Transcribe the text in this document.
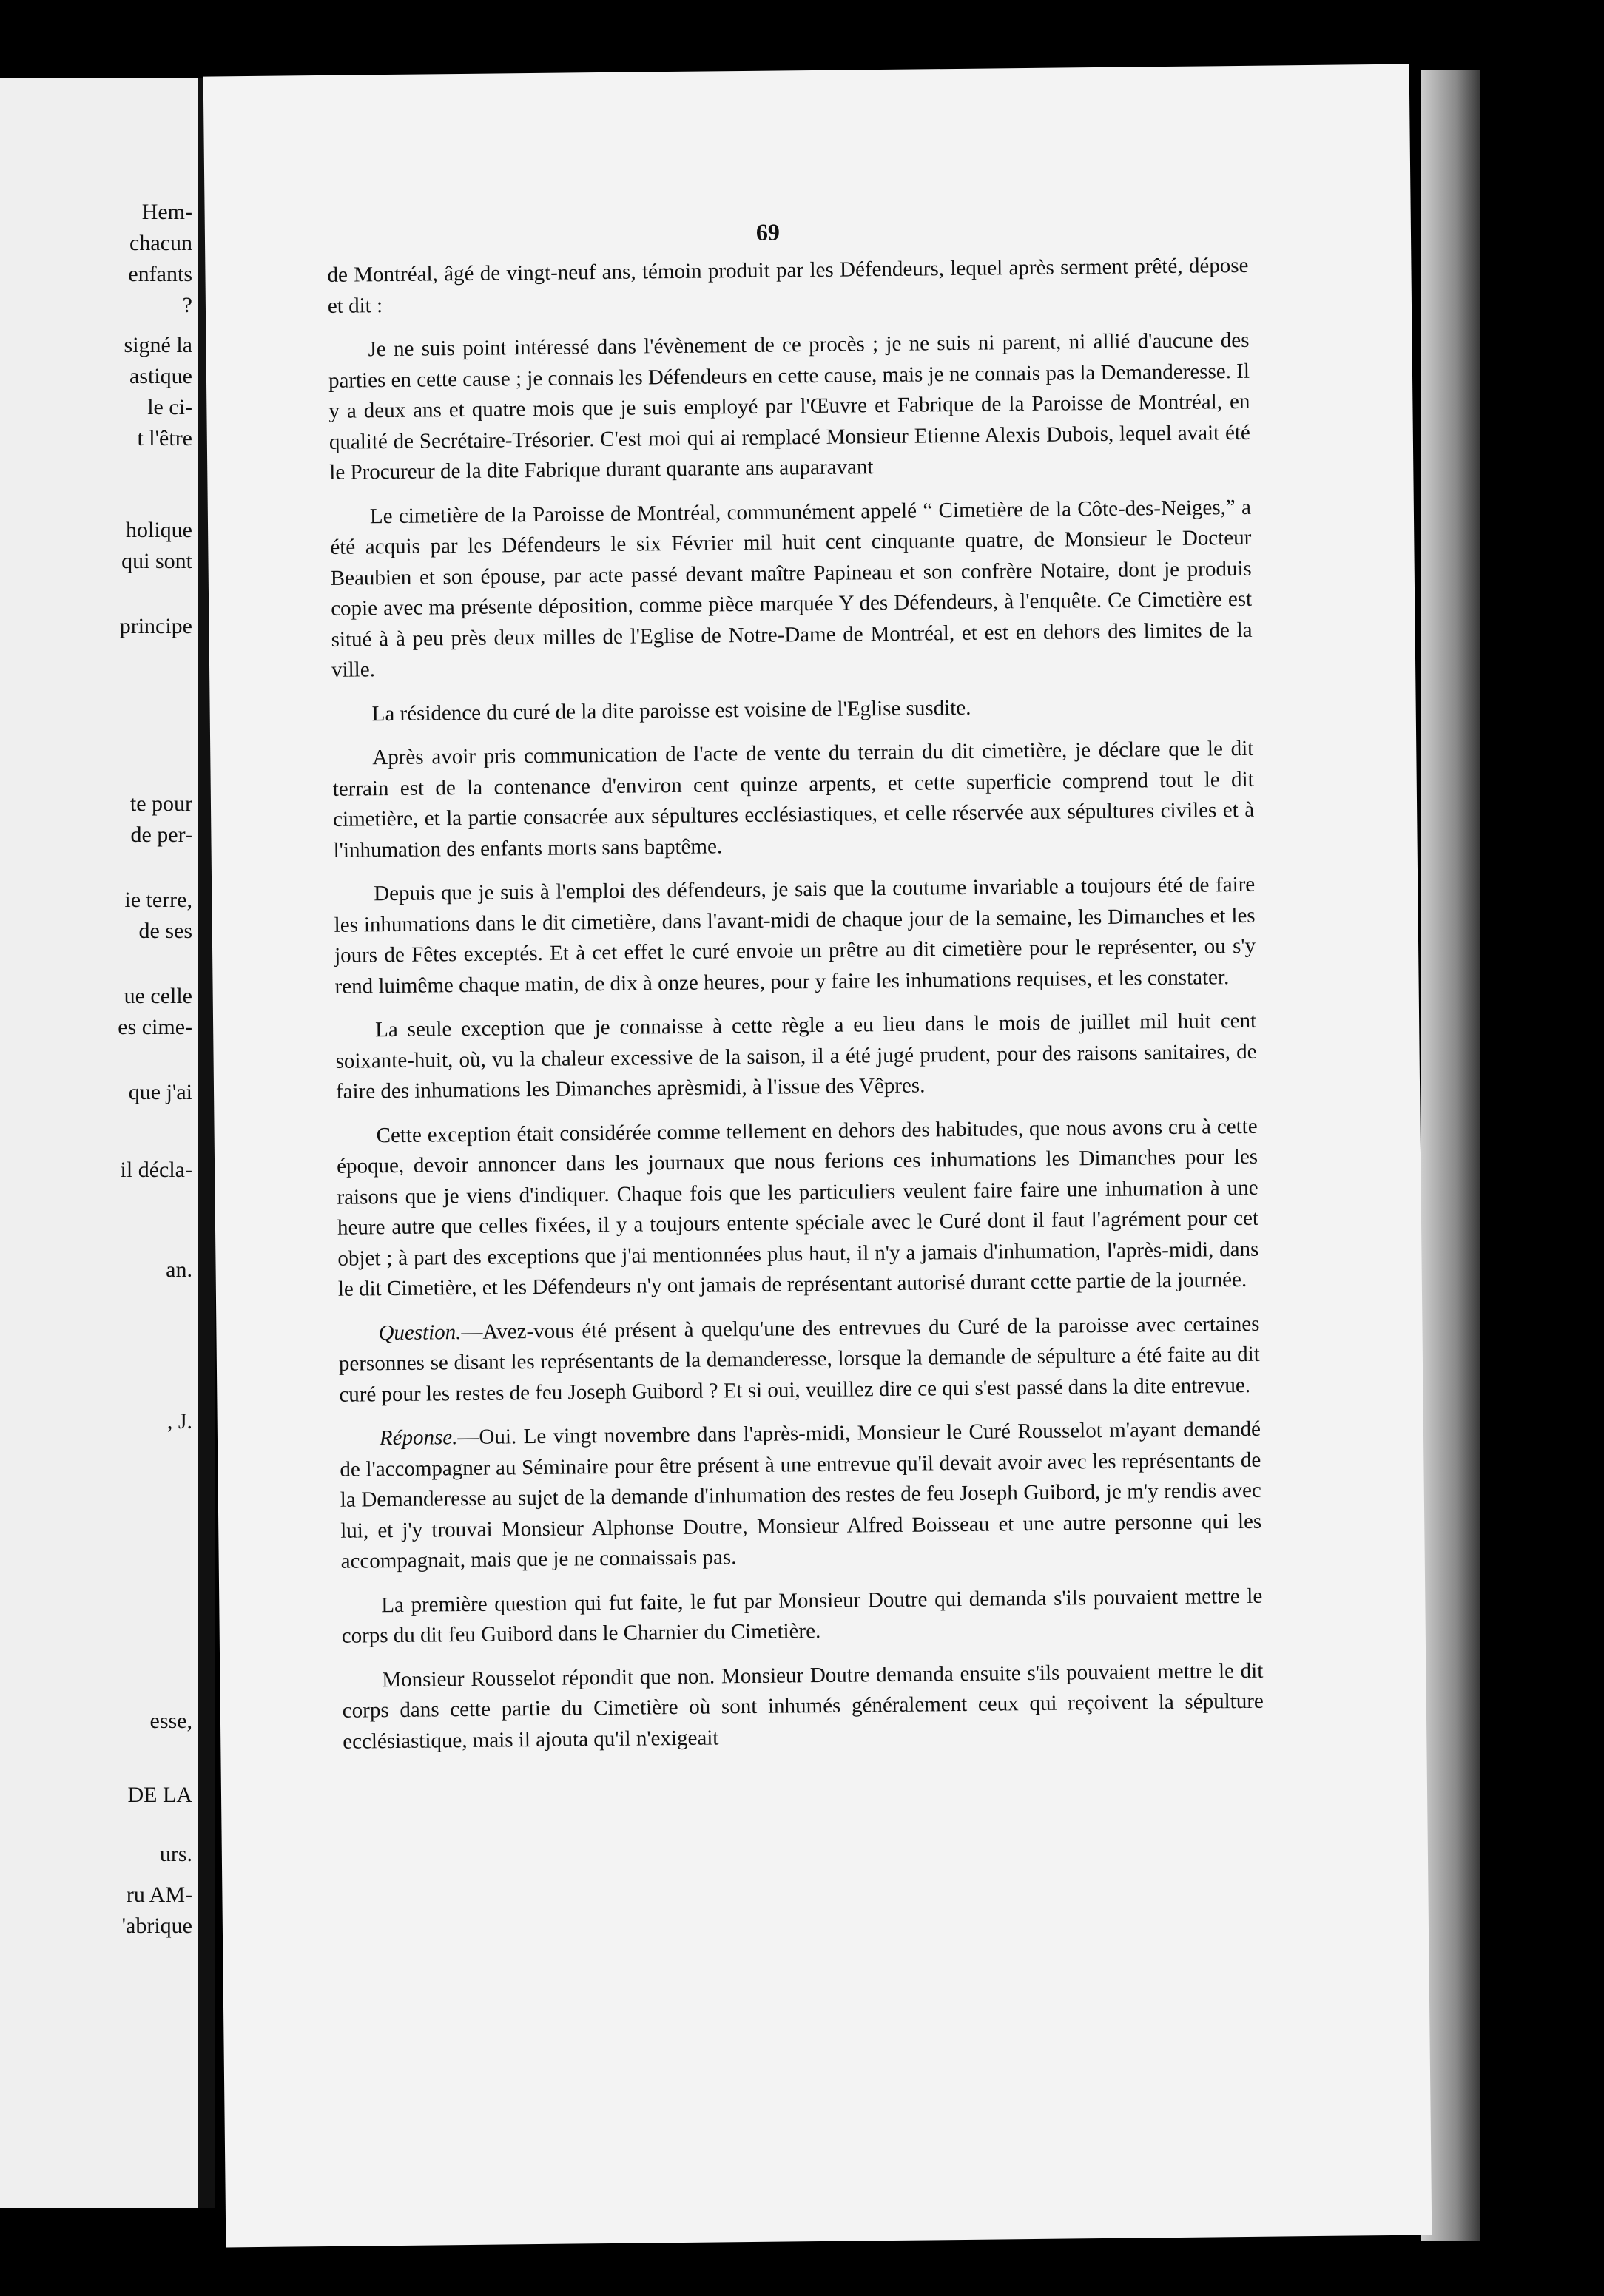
Hem-
chacun
enfants
?
signé la
astique
le ci-
t l'être
holique
qui sont
principe
te pour
de per-
ie terre,
de ses
ue celle
es cime-
que j'ai
il décla-
an.
, J.
esse,
DE LA
urs.
ru AM-
'abrique
69

de Montréal, âgé de vingt-neuf ans, témoin produit par les Défendeurs, lequel après serment prêté, dépose et dit :

Je ne suis point intéressé dans l'évènement de ce procès ; je ne suis ni parent, ni allié d'aucune des parties en cette cause ; je connais les Défendeurs en cette cause, mais je ne connais pas la Demanderesse. Il y a deux ans et quatre mois que je suis employé par l'Œuvre et Fabrique de la Paroisse de Montréal, en qualité de Secrétaire-Trésorier. C'est moi qui ai remplacé Monsieur Etienne Alexis Dubois, lequel avait été le Procureur de la dite Fabrique durant quarante ans auparavant

Le cimetière de la Paroisse de Montréal, communément appelé “ Cimetière de la Côte-des-Neiges,” a été acquis par les Défendeurs le six Février mil huit cent cinquante quatre, de Monsieur le Docteur Beaubien et son épouse, par acte passé devant maître Papineau et son confrère Notaire, dont je produis copie avec ma présente déposition, comme pièce marquée Y des Défendeurs, à l'enquête. Ce Cimetière est situé à à peu près deux milles de l'Eglise de Notre-Dame de Montréal, et est en dehors des limites de la ville.

La résidence du curé de la dite paroisse est voisine de l'Eglise susdite.

Après avoir pris communication de l'acte de vente du terrain du dit cimetière, je déclare que le dit terrain est de la contenance d'environ cent quinze arpents, et cette superficie comprend tout le dit cimetière, et la partie consacrée aux sépultures ecclésiastiques, et celle réservée aux sépultures civiles et à l'inhumation des enfants morts sans baptême.

Depuis que je suis à l'emploi des défendeurs, je sais que la coutume invariable a toujours été de faire les inhumations dans le dit cimetière, dans l'avant-midi de chaque jour de la semaine, les Dimanches et les jours de Fêtes exceptés. Et à cet effet le curé envoie un prêtre au dit cimetière pour le représenter, ou s'y rend luimême chaque matin, de dix à onze heures, pour y faire les inhumations requises, et les constater.

La seule exception que je connaisse à cette règle a eu lieu dans le mois de juillet mil huit cent soixante-huit, où, vu la chaleur excessive de la saison, il a été jugé prudent, pour des raisons sanitaires, de faire des inhumations les Dimanches aprèsmidi, à l'issue des Vêpres.

Cette exception était considérée comme tellement en dehors des habitudes, que nous avons cru à cette époque, devoir annoncer dans les journaux que nous ferions ces inhumations les Dimanches pour les raisons que je viens d'indiquer. Chaque fois que les particuliers veulent faire faire une inhumation à une heure autre que celles fixées, il y a toujours entente spéciale avec le Curé dont il faut l'agrément pour cet objet ; à part des exceptions que j'ai mentionnées plus haut, il n'y a jamais d'inhumation, l'après-midi, dans le dit Cimetière, et les Défendeurs n'y ont jamais de représentant autorisé durant cette partie de la journée.

Question.—Avez-vous été présent à quelqu'une des entrevues du Curé de la paroisse avec certaines personnes se disant les représentants de la demanderesse, lorsque la demande de sépulture a été faite au dit curé pour les restes de feu Joseph Guibord ? Et si oui, veuillez dire ce qui s'est passé dans la dite entrevue.

Réponse.—Oui. Le vingt novembre dans l'après-midi, Monsieur le Curé Rousselot m'ayant demandé de l'accompagner au Séminaire pour être présent à une entrevue qu'il devait avoir avec les représentants de la Demanderesse au sujet de la demande d'inhumation des restes de feu Joseph Guibord, je m'y rendis avec lui, et j'y trouvai Monsieur Alphonse Doutre, Monsieur Alfred Boisseau et une autre personne qui les accompagnait, mais que je ne connaissais pas.

La première question qui fut faite, le fut par Monsieur Doutre qui demanda s'ils pouvaient mettre le corps du dit feu Guibord dans le Charnier du Cimetière.

Monsieur Rousselot répondit que non. Monsieur Doutre demanda ensuite s'ils pouvaient mettre le dit corps dans cette partie du Cimetière où sont inhumés généralement ceux qui reçoivent la sépulture ecclésiastique, mais il ajouta qu'il n'exigeait
